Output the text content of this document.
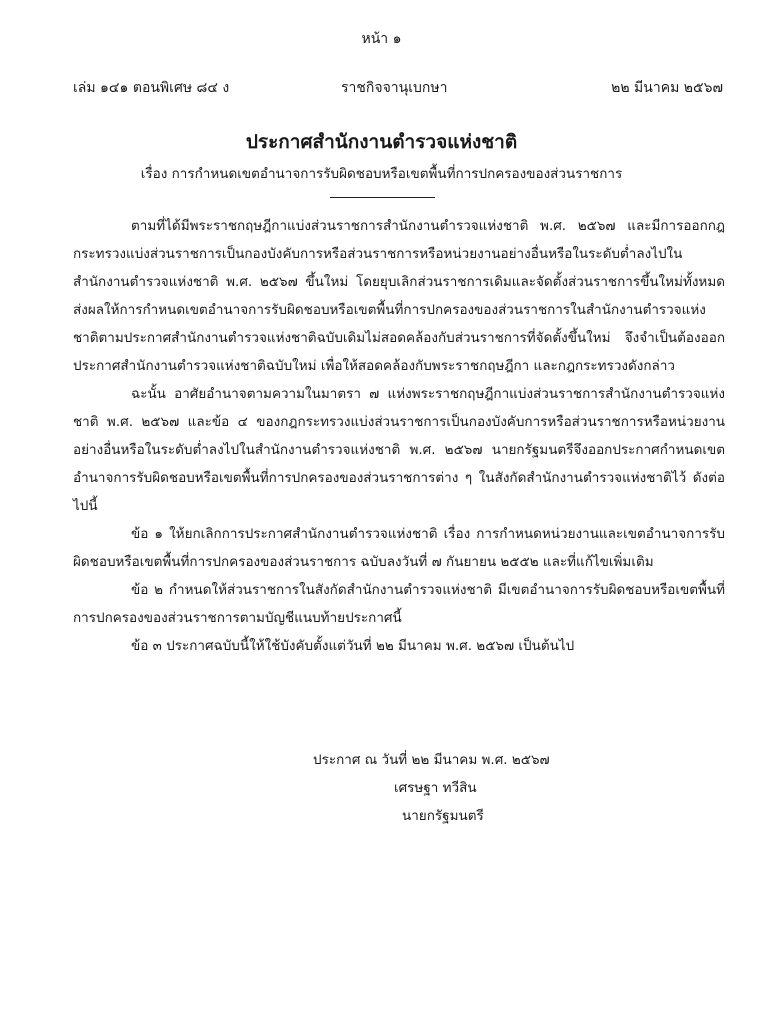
หน้า ๑
เล่ม ๑๔๑ ตอนพิเศษ ๘๔ ง	ราชกิจจานุเบกษา	๒๒ มีนาคม ๒๕๖๗
ประกาศสำนักงานตำรวจแห่งชาติ
เรื่อง การกำหนดเขตอำนาจการรับผิดชอบหรือเขตพื้นที่การปกครองของส่วนราชการ

ตามที่ได้มีพระราชกฤษฎีกาแบ่งส่วนราชการสำนักงานตำรวจแห่งชาติ พ.ศ. ๒๕๖๗ และมีการออกกฎกระทรวงแบ่งส่วนราชการเป็นกองบังคับการหรือส่วนราชการหรือหน่วยงานอย่างอื่นหรือในระดับต่ำลงไปในสำนักงานตำรวจแห่งชาติ พ.ศ. ๒๕๖๗ ขึ้นใหม่ โดยยุบเลิกส่วนราชการเดิมและจัดตั้งส่วนราชการขึ้นใหม่ทั้งหมด ส่งผลให้การกำหนดเขตอำนาจการรับผิดชอบหรือเขตพื้นที่การปกครองของส่วนราชการในสำนักงานตำรวจแห่งชาติตามประกาศสำนักงานตำรวจแห่งชาติฉบับเดิมไม่สอดคล้องกับส่วนราชการที่จัดตั้งขึ้นใหม่ จึงจำเป็นต้องออกประกาศสำนักงานตำรวจแห่งชาติฉบับใหม่ เพื่อให้สอดคล้องกับพระราชกฤษฎีกา และกฎกระทรวงดังกล่าว

ฉะนั้น อาศัยอำนาจตามความในมาตรา ๗ แห่งพระราชกฤษฎีกาแบ่งส่วนราชการสำนักงานตำรวจแห่งชาติ พ.ศ. ๒๕๖๗ และข้อ ๔ ของกฎกระทรวงแบ่งส่วนราชการเป็นกองบังคับการหรือส่วนราชการหรือหน่วยงานอย่างอื่นหรือในระดับต่ำลงไปในสำนักงานตำรวจแห่งชาติ พ.ศ. ๒๕๖๗ นายกรัฐมนตรีจึงออกประกาศกำหนดเขตอำนาจการรับผิดชอบหรือเขตพื้นที่การปกครองของส่วนราชการต่าง ๆ ในสังกัดสำนักงานตำรวจแห่งชาติไว้ ดังต่อไปนี้

ข้อ ๑ ให้ยกเลิกการประกาศสำนักงานตำรวจแห่งชาติ เรื่อง การกำหนดหน่วยงานและเขตอำนาจการรับผิดชอบหรือเขตพื้นที่การปกครองของส่วนราชการ ฉบับลงวันที่ ๗ กันยายน ๒๕๕๒ และที่แก้ไขเพิ่มเติม

ข้อ ๒ กำหนดให้ส่วนราชการในสังกัดสำนักงานตำรวจแห่งชาติ มีเขตอำนาจการรับผิดชอบหรือเขตพื้นที่การปกครองของส่วนราชการตามบัญชีแนบท้ายประกาศนี้

ข้อ ๓ ประกาศฉบับนี้ให้ใช้บังคับตั้งแต่วันที่ ๒๒ มีนาคม พ.ศ. ๒๕๖๗ เป็นต้นไป

ประกาศ ณ วันที่ ๒๒ มีนาคม พ.ศ. ๒๕๖๗
เศรษฐา ทวีสิน
นายกรัฐมนตรี
